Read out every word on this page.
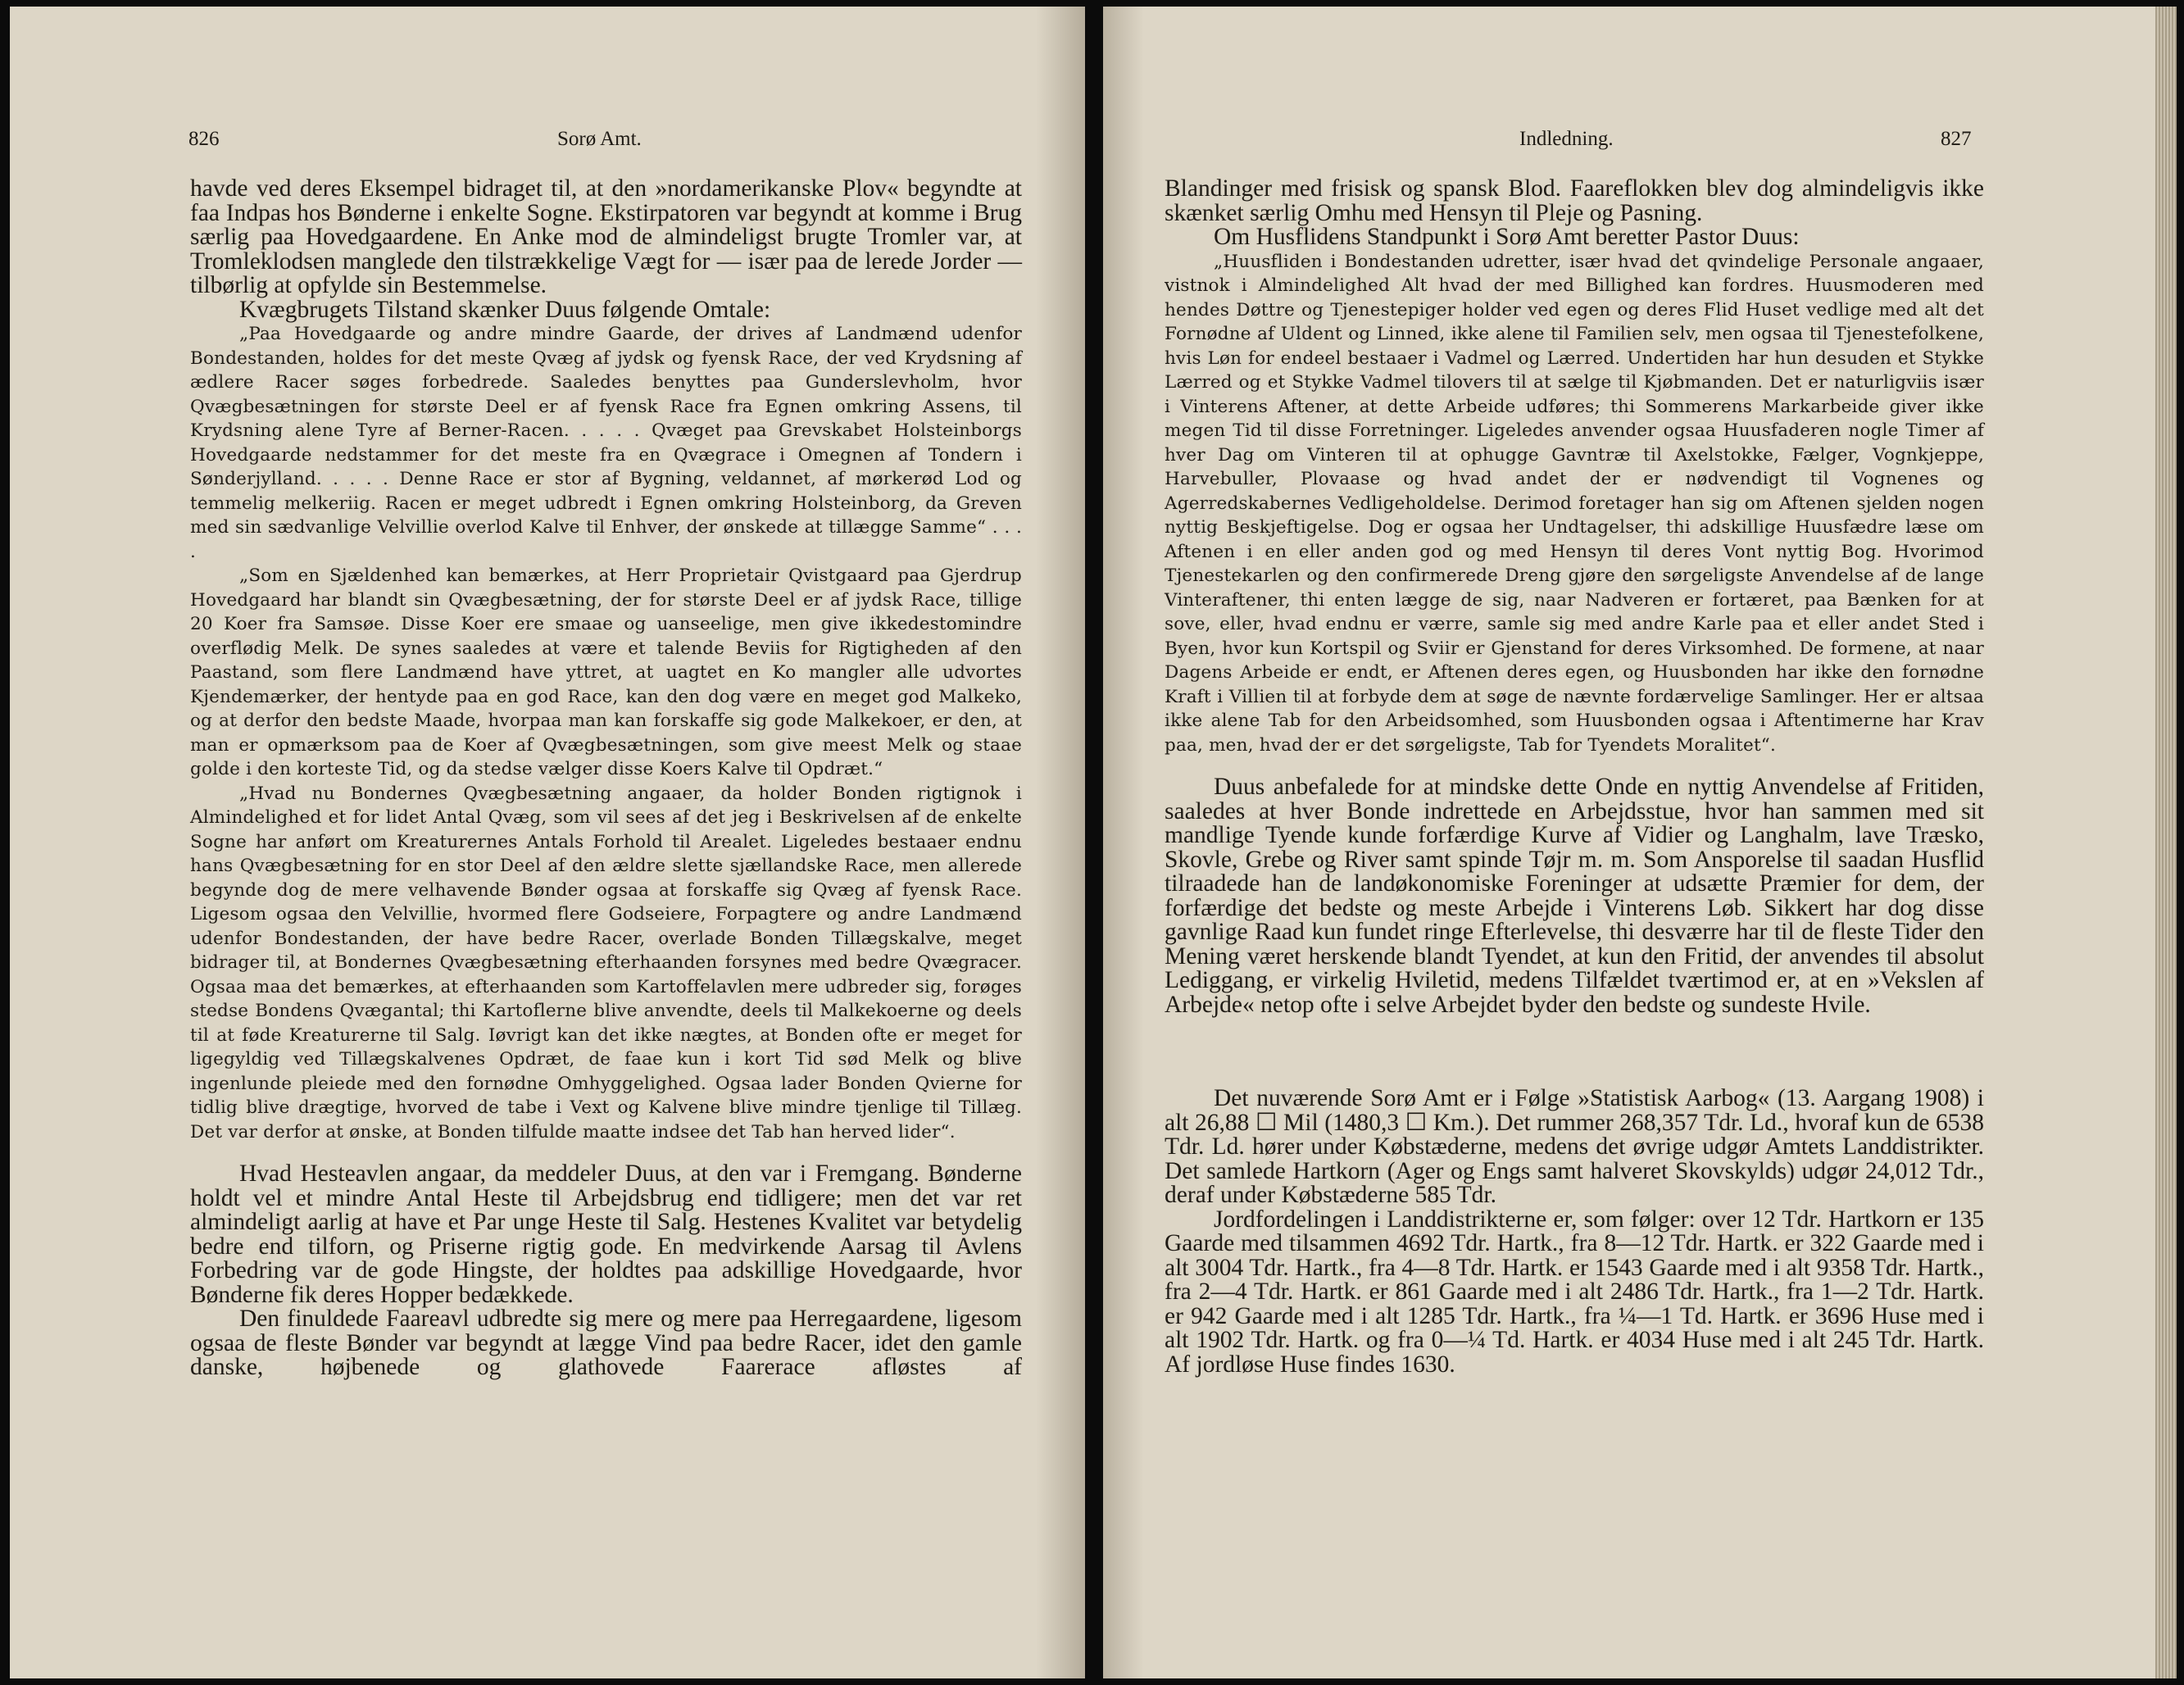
826	Sorø Amt.

havde ved deres Eksempel bidraget til, at den »nordamerikanske Plov« begyndte at faa Indpas hos Bønderne i enkelte Sogne. Ekstirpatoren var begyndt at komme i Brug særlig paa Hovedgaardene. En Anke mod de almindeligst brugte Tromler var, at Tromleklodsen manglede den tilstrækkelige Vægt for — især paa de lerede Jorder — tilbørlig at opfylde sin Bestemmelse.

Kvægbrugets Tilstand skænker Duus følgende Omtale:

„Paa Hovedgaarde og andre mindre Gaarde, der drives af Landmænd udenfor Bondestanden, holdes for det meste Qvæg af jydsk og fyensk Race, der ved Krydsning af ædlere Racer søges forbedrede. Saaledes benyttes paa Gunderslevholm, hvor Qvægbesætningen for største Deel er af fyensk Race fra Egnen omkring Assens, til Krydsning alene Tyre af Berner-Racen. . . . . Qvæget paa Grevskabet Holsteinborgs Hovedgaarde nedstammer for det meste fra en Qvægrace i Omegnen af Tondern i Sønderjylland. . . . . Denne Race er stor af Bygning, veldannet, af mørkerød Lod og temmelig melkeriig. Racen er meget udbredt i Egnen omkring Holsteinborg, da Greven med sin sædvanlige Velvillie overlod Kalve til Enhver, der ønskede at tillægge Samme“ . . . .

„Som en Sjældenhed kan bemærkes, at Herr Proprietair Qvistgaard paa Gjerdrup Hovedgaard har blandt sin Qvægbesætning, der for største Deel er af jydsk Race, tillige 20 Koer fra Samsøe. Disse Koer ere smaae og uanseelige, men give ikkedestomindre overflødig Melk. De synes saaledes at være et talende Beviis for Rigtigheden af den Paastand, som flere Landmænd have yttret, at uagtet en Ko mangler alle udvortes Kjendemærker, der hentyde paa en god Race, kan den dog være en meget god Malkeko, og at derfor den bedste Maade, hvorpaa man kan forskaffe sig gode Malkekoer, er den, at man er opmærksom paa de Koer af Qvægbesætningen, som give meest Melk og staae golde i den korteste Tid, og da stedse vælger disse Koers Kalve til Opdræt.“

„Hvad nu Bondernes Qvægbesætning angaaer, da holder Bonden rigtignok i Almindelighed et for lidet Antal Qvæg, som vil sees af det jeg i Beskrivelsen af de enkelte Sogne har anført om Kreaturernes Antals Forhold til Arealet. Ligeledes bestaaer endnu hans Qvægbesætning for en stor Deel af den ældre slette sjællandske Race, men allerede begynde dog de mere velhavende Bønder ogsaa at forskaffe sig Qvæg af fyensk Race. Ligesom ogsaa den Velvillie, hvormed flere Godseiere, Forpagtere og andre Landmænd udenfor Bondestanden, der have bedre Racer, overlade Bonden Tillægskalve, meget bidrager til, at Bondernes Qvægbesætning efterhaanden forsynes med bedre Qvægracer. Ogsaa maa det bemærkes, at efterhaanden som Kartoffelavlen mere udbreder sig, forøges stedse Bondens Qvægantal; thi Kartoflerne blive anvendte, deels til Malkekoerne og deels til at føde Kreaturerne til Salg. Iøvrigt kan det ikke nægtes, at Bonden ofte er meget for ligegyldig ved Tillægskalvenes Opdræt, de faae kun i kort Tid sød Melk og blive ingenlunde pleiede med den fornødne Omhyggelighed. Ogsaa lader Bonden Qvierne for tidlig blive drægtige, hvorved de tabe i Vext og Kalvene blive mindre tjenlige til Tillæg. Det var derfor at ønske, at Bonden tilfulde maatte indsee det Tab han herved lider“.

Hvad Hesteavlen angaar, da meddeler Duus, at den var i Fremgang. Bønderne holdt vel et mindre Antal Heste til Arbejdsbrug end tidligere; men det var ret almindeligt aarlig at have et Par unge Heste til Salg. Hestenes Kvalitet var betydelig bedre end tilforn, og Priserne rigtig gode. En medvirkende Aarsag til Avlens Forbedring var de gode Hingste, der holdtes paa adskillige Hovedgaarde, hvor Bønderne fik deres Hopper bedækkede.

Den finuldede Faareavl udbredte sig mere og mere paa Herregaardene, ligesom ogsaa de fleste Bønder var begyndt at lægge Vind paa bedre Racer, idet den gamle danske, højbenede og glathovede Faarerace afløstes af

Indledning.	827

Blandinger med frisisk og spansk Blod. Faareflokken blev dog almindeligvis ikke skænket særlig Omhu med Hensyn til Pleje og Pasning.

Om Husflidens Standpunkt i Sorø Amt beretter Pastor Duus:

„Huusfliden i Bondestanden udretter, især hvad det qvindelige Personale angaaer, vistnok i Almindelighed Alt hvad der med Billighed kan fordres. Huusmoderen med hendes Døttre og Tjenestepiger holder ved egen og deres Flid Huset vedlige med alt det Fornødne af Uldent og Linned, ikke alene til Familien selv, men ogsaa til Tjenestefolkene, hvis Løn for endeel bestaaer i Vadmel og Lærred. Undertiden har hun desuden et Stykke Lærred og et Stykke Vadmel tilovers til at sælge til Kjøbmanden. Det er naturligviis især i Vinterens Aftener, at dette Arbeide udføres; thi Sommerens Markarbeide giver ikke megen Tid til disse Forretninger. Ligeledes anvender ogsaa Huusfaderen nogle Timer af hver Dag om Vinteren til at ophugge Gavntræ til Axelstokke, Fælger, Vognkjeppe, Harvebuller, Plovaase og hvad andet der er nødvendigt til Vognenes og Agerredskabernes Vedligeholdelse. Derimod foretager han sig om Aftenen sjelden nogen nyttig Beskjeftigelse. Dog er ogsaa her Undtagelser, thi adskillige Huusfædre læse om Aftenen i en eller anden god og med Hensyn til deres Vont nyttig Bog. Hvorimod Tjenestekarlen og den confirmerede Dreng gjøre den sørgeligste Anvendelse af de lange Vinteraftener, thi enten lægge de sig, naar Nadveren er fortæret, paa Bænken for at sove, eller, hvad endnu er værre, samle sig med andre Karle paa et eller andet Sted i Byen, hvor kun Kortspil og Sviir er Gjenstand for deres Virksomhed. De formene, at naar Dagens Arbeide er endt, er Aftenen deres egen, og Huusbonden har ikke den fornødne Kraft i Villien til at forbyde dem at søge de nævnte fordærvelige Samlinger. Her er altsaa ikke alene Tab for den Arbeidsomhed, som Huusbonden ogsaa i Aftentimerne har Krav paa, men, hvad der er det sørgeligste, Tab for Tyendets Moralitet“.

Duus anbefalede for at mindske dette Onde en nyttig Anvendelse af Fritiden, saaledes at hver Bonde indrettede en Arbejdsstue, hvor han sammen med sit mandlige Tyende kunde forfærdige Kurve af Vidier og Langhalm, lave Træsko, Skovle, Grebe og River samt spinde Tøjr m. m. Som Ansporelse til saadan Husflid tilraadede han de landøkonomiske Foreninger at udsætte Præmier for dem, der forfærdige det bedste og meste Arbejde i Vinterens Løb. Sikkert har dog disse gavnlige Raad kun fundet ringe Efterlevelse, thi desværre har til de fleste Tider den Mening været herskende blandt Tyendet, at kun den Fritid, der anvendes til absolut Lediggang, er virkelig Hviletid, medens Tilfældet tværtimod er, at en »Vekslen af Arbejde« netop ofte i selve Arbejdet byder den bedste og sundeste Hvile.

Det nuværende Sorø Amt er i Følge »Statistisk Aarbog« (13. Aargang 1908) i alt 26,88 ☐ Mil (1480,3 ☐ Km.). Det rummer 268,357 Tdr. Ld., hvoraf kun de 6538 Tdr. Ld. hører under Købstæderne, medens det øvrige udgør Amtets Landdistrikter. Det samlede Hartkorn (Ager og Engs samt halveret Skovskylds) udgør 24,012 Tdr., deraf under Købstæderne 585 Tdr.

Jordfordelingen i Landdistrikterne er, som følger: over 12 Tdr. Hartkorn er 135 Gaarde med tilsammen 4692 Tdr. Hartk., fra 8—12 Tdr. Hartk. er 322 Gaarde med i alt 3004 Tdr. Hartk., fra 4—8 Tdr. Hartk. er 1543 Gaarde med i alt 9358 Tdr. Hartk., fra 2—4 Tdr. Hartk. er 861 Gaarde med i alt 2486 Tdr. Hartk., fra 1—2 Tdr. Hartk. er 942 Gaarde med i alt 1285 Tdr. Hartk., fra ¼—1 Td. Hartk. er 3696 Huse med i alt 1902 Tdr. Hartk. og fra 0—¼ Td. Hartk. er 4034 Huse med i alt 245 Tdr. Hartk. Af jordløse Huse findes 1630.
